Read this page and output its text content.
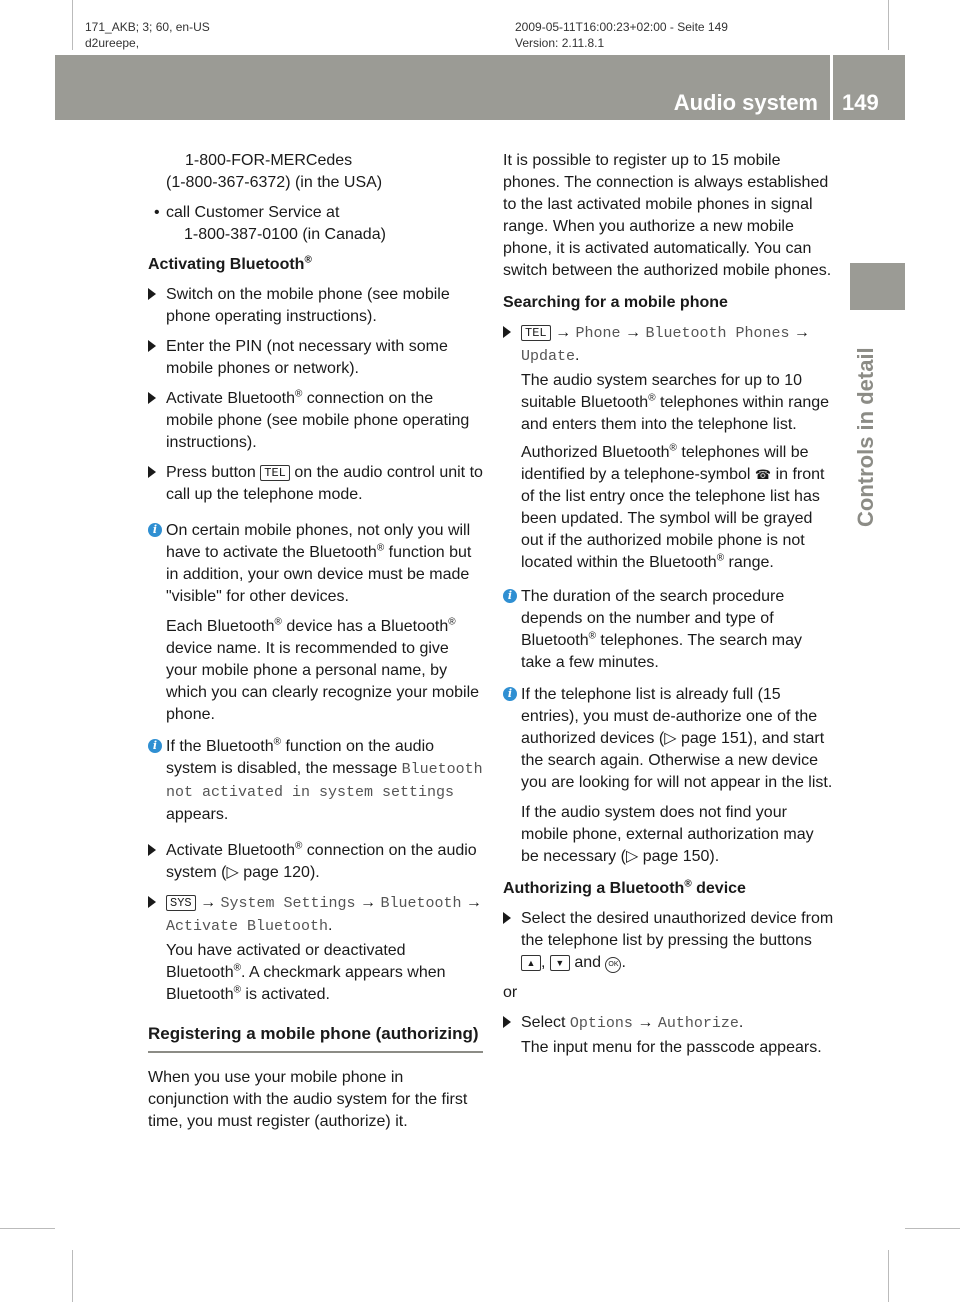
171_AKB; 3; 60, en-US
d2ureepe,
2009-05-11T16:00:23+02:00 - Seite 149
Version: 2.11.8.1
Audio system 149
Controls in detail
1-800-FOR-MERCedes
(1-800-367-6372) (in the USA)
• call Customer Service at
1-800-387-0100 (in Canada)
Activating Bluetooth®
Switch on the mobile phone (see mobile phone operating instructions).
Enter the PIN (not necessary with some mobile phones or network).
Activate Bluetooth® connection on the mobile phone (see mobile phone operating instructions).
Press button TEL on the audio control unit to call up the telephone mode.
i On certain mobile phones, not only you will have to activate the Bluetooth® function but in addition, your own device must be made "visible" for other devices.

Each Bluetooth® device has a Bluetooth® device name. It is recommended to give your mobile phone a personal name, by which you can clearly recognize your mobile phone.

i If the Bluetooth® function on the audio system is disabled, the message Bluetooth not activated in system settings appears.

Activate Bluetooth® connection on the audio system (▷ page 120).
SYS → System Settings → Bluetooth → Activate Bluetooth.
You have activated or deactivated Bluetooth®. A checkmark appears when Bluetooth® is activated.
Registering a mobile phone (authorizing)

When you use your mobile phone in conjunction with the audio system for the first time, you must register (authorize) it.

It is possible to register up to 15 mobile phones. The connection is always established to the last activated mobile phones in signal range. When you authorize a new mobile phone, it is activated automatically. You can switch between the authorized mobile phones.

Searching for a mobile phone
TEL → Phone → Bluetooth Phones → Update.
The audio system searches for up to 10 suitable Bluetooth® telephones within range and enters them into the telephone list.
Authorized Bluetooth® telephones will be identified by a telephone-symbol ☎ in front of the list entry once the telephone list has been updated. The symbol will be grayed out if the authorized mobile phone is not located within the Bluetooth® range.
i The duration of the search procedure depends on the number and type of Bluetooth® telephones. The search may take a few minutes.

i If the telephone list is already full (15 entries), you must de-authorize one of the authorized devices (▷ page 151), and start the search again. Otherwise a new device you are looking for will not appear in the list.

If the audio system does not find your mobile phone, external authorization may be necessary (▷ page 150).

Authorizing a Bluetooth® device
Select the desired unauthorized device from the telephone list by pressing the buttons ▲ , ▼ and OK .

or

Select Options → Authorize.
The input menu for the passcode appears.
